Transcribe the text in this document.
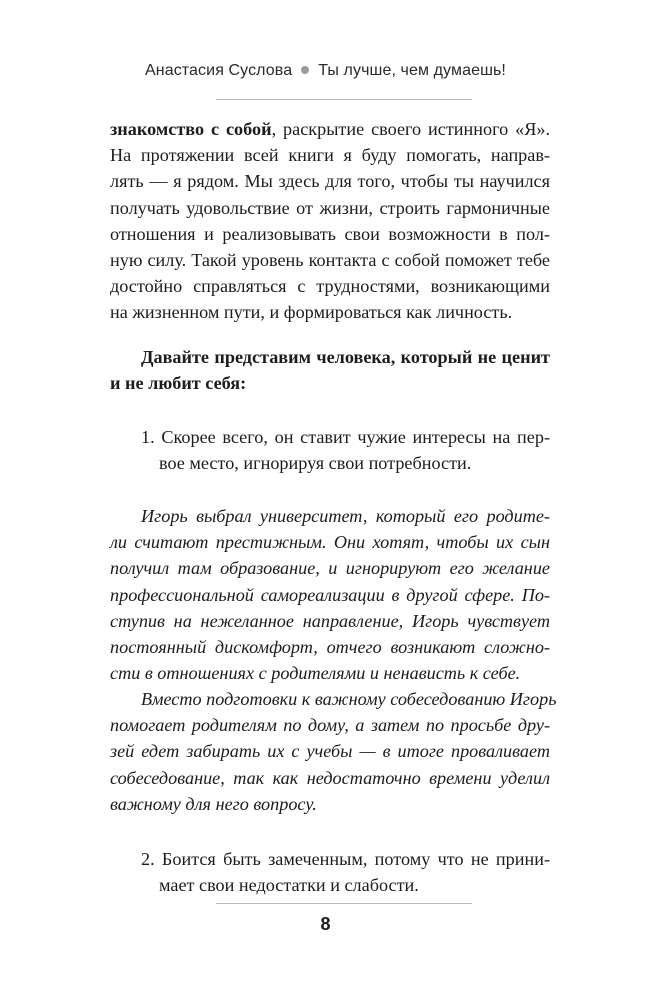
Анастасия Суслова Ты лучше, чем думаешь!
знакомство с собой, раскрытие своего истинного «Я».
На протяжении всей книги я буду помогать, направ-
лять — я рядом. Мы здесь для того, чтобы ты научился
получать удовольствие от жизни, строить гармоничные
отношения и реализовывать свои возможности в пол-
ную силу. Такой уровень контакта с собой поможет тебе
достойно справляться с трудностями, возникающими
на жизненном пути, и формироваться как личность.
Давайте представим человека, который не ценит
и не любит себя:
1. Скорее всего, он ставит чужие интересы на пер-
вое место, игнорируя свои потребности.
Игорь выбрал университет, который его родите-
ли считают престижным. Они хотят, чтобы их сын
получил там образование, и игнорируют его желание
профессиональной самореализации в другой сфере. По-
ступив на нежеланное направление, Игорь чувствует
постоянный дискомфорт, отчего возникают сложно-
сти в отношениях с родителями и ненависть к себе.
Вместо подготовки к важному собеседованию Игорь
помогает родителям по дому, а затем по просьбе дру-
зей едет забирать их с учебы — в итоге проваливает
собеседование, так как недостаточно времени уделил
важному для него вопросу.
2. Боится быть замеченным, потому что не прини-
мает свои недостатки и слабости.
8
